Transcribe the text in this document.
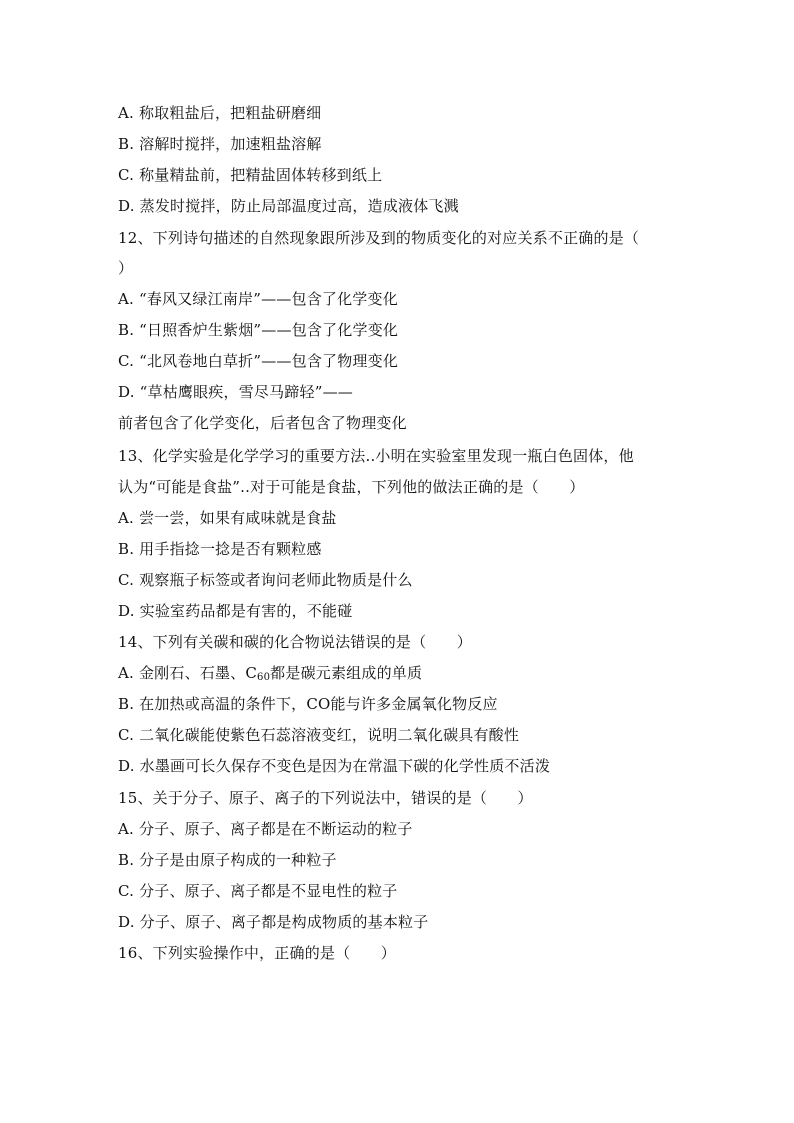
A. 称取粗盐后，把粗盐研磨细
B. 溶解时搅拌，加速粗盐溶解
C. 称量精盐前，把精盐固体转移到纸上
D. 蒸发时搅拌，防止局部温度过高，造成液体飞溅
12、下列诗句描述的自然现象跟所涉及到的物质变化的对应关系不正确的是（
）
A. “春风又绿江南岸”——包含了化学变化
B. “日照香炉生紫烟”——包含了化学变化
C. “北风卷地白草折”——包含了物理变化
D. “草枯鹰眼疾，雪尽马蹄轻”——
前者包含了化学变化，后者包含了物理变化
13、化学实验是化学学习的重要方法..小明在实验室里发现一瓶白色固体，他
认为“可能是食盐”..对于可能是食盐，下列他的做法正确的是（　　）
A. 尝一尝，如果有咸味就是食盐
B. 用手指捻一捻是否有颗粒感
C. 观察瓶子标签或者询问老师此物质是什么
D. 实验室药品都是有害的，不能碰
14、下列有关碳和碳的化合物说法错误的是（　　）
A. 金刚石、石墨、$C_{60}$都是碳元素组成的单质
B. 在加热或高温的条件下，CO能与许多金属氧化物反应
C. 二氧化碳能使紫色石蕊溶液变红，说明二氧化碳具有酸性
D. 水墨画可长久保存不变色是因为在常温下碳的化学性质不活泼
15、关于分子、原子、离子的下列说法中，错误的是（　　）
A. 分子、原子、离子都是在不断运动的粒子
B. 分子是由原子构成的一种粒子
C. 分子、原子、离子都是不显电性的粒子
D. 分子、原子、离子都是构成物质的基本粒子
16、下列实验操作中，正确的是（　　）
